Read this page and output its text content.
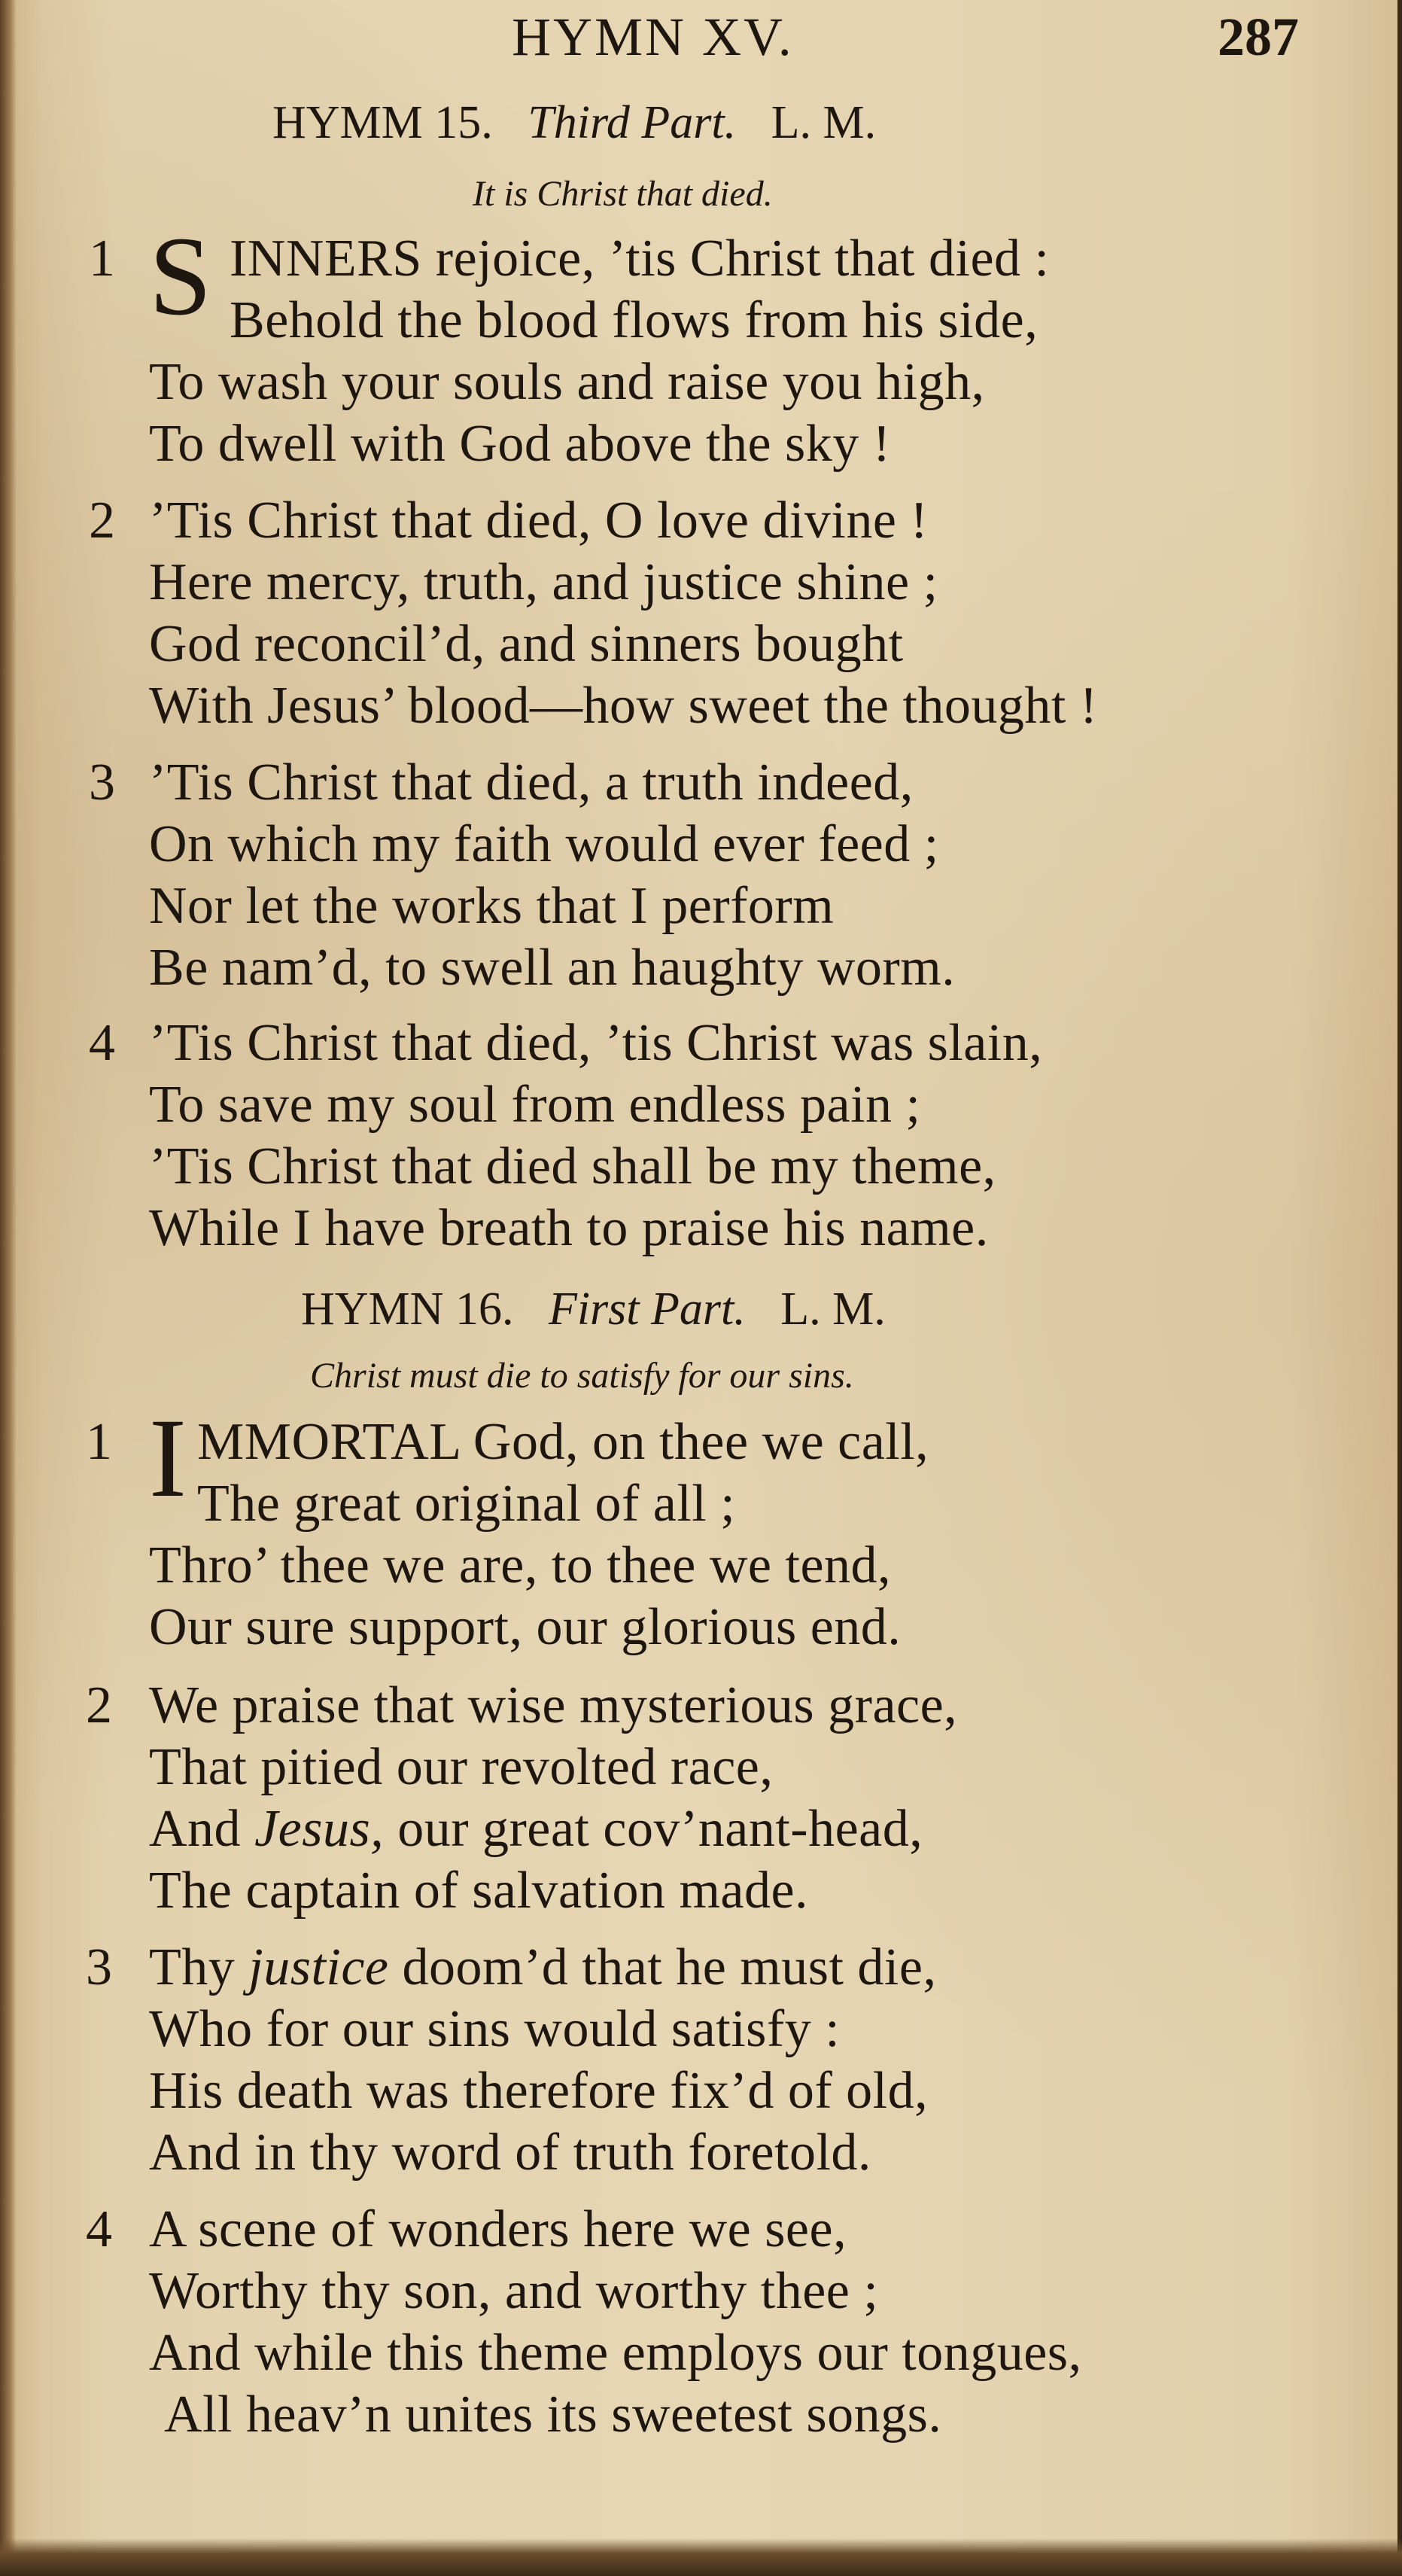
HYMN XV.	287
HYMM 15. Third Part. L. M.
It is Christ that died.
1 S INNERS rejoice, ’tis Christ that died :
Behold the blood flows from his side,
To wash your souls and raise you high,
To dwell with God above the sky !
2 ’Tis Christ that died, O love divine !
Here mercy, truth, and justice shine ;
God reconcil’d, and sinners bought
With Jesus’ blood—how sweet the thought !
3 ’Tis Christ that died, a truth indeed,
On which my faith would ever feed ;
Nor let the works that I perform
Be nam’d, to swell an haughty worm.
4 ’Tis Christ that died, ’tis Christ was slain,
To save my soul from endless pain ;
’Tis Christ that died shall be my theme,
While I have breath to praise his name.
HYMN 16. First Part. L. M.
Christ must die to satisfy for our sins.
1 I MMORTAL God, on thee we call,
The great original of all ;
Thro’ thee we are, to thee we tend,
Our sure support, our glorious end.
2 We praise that wise mysterious grace,
That pitied our revolted race,
And Jesus, our great cov’nant-head,
The captain of salvation made.
3 Thy justice doom’d that he must die,
Who for our sins would satisfy :
His death was therefore fix’d of old,
And in thy word of truth foretold.
4 A scene of wonders here we see,
Worthy thy son, and worthy thee ;
And while this theme employs our tongues,
All heav’n unites its sweetest songs.
